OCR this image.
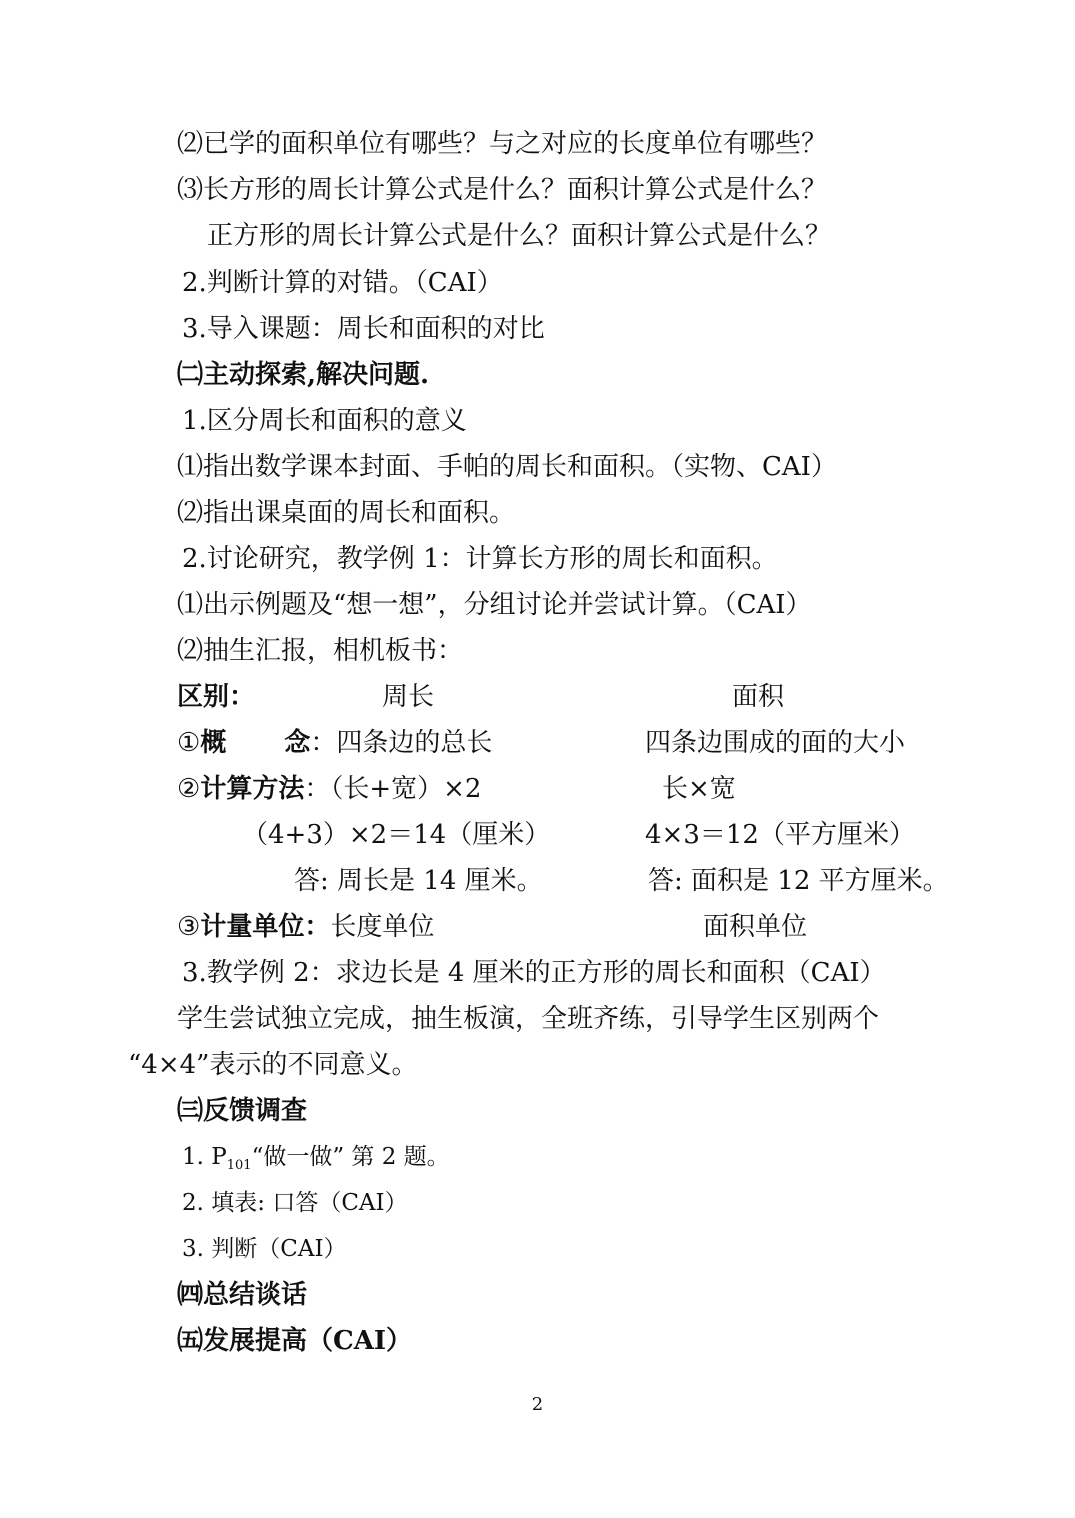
⑵已学的面积单位有哪些？与之对应的长度单位有哪些？
⑶长方形的周长计算公式是什么？面积计算公式是什么？
正方形的周长计算公式是什么？面积计算公式是什么？
2.判断计算的对错。（CAI）
3.导入课题：周长和面积的对比
㈡主动探索,解决问题.
1.区分周长和面积的意义
⑴指出数学课本封面、手帕的周长和面积。（实物、CAI）
⑵指出课桌面的周长和面积。
2.讨论研究，教学例 1：计算长方形的周长和面积。
⑴出示例题及“想一想”，分组讨论并尝试计算。（CAI）
⑵抽生汇报，相机板书：
区别：	周长	面积
①概 念：四条边的总长	四条边围成的面的大小
②计算方法：（长+宽）×2	长×宽
（4+3）×2＝14（厘米）	4×3＝12（平方厘米）
答: 周长是 14 厘米。	答: 面积是 12 平方厘米。
③计量单位：长度单位	面积单位
3.教学例 2：求边长是 4 厘米的正方形的周长和面积（CAI）
学生尝试独立完成，抽生板演，全班齐练，引导学生区别两个
“4×4”表示的不同意义。
㈢反馈调查
1. $P_{101}“$做一做” 第 2 题。
2. 填表: 口答（CAI）
3. 判断（CAI）
㈣总结谈话
㈤发展提高（CAI）
2
